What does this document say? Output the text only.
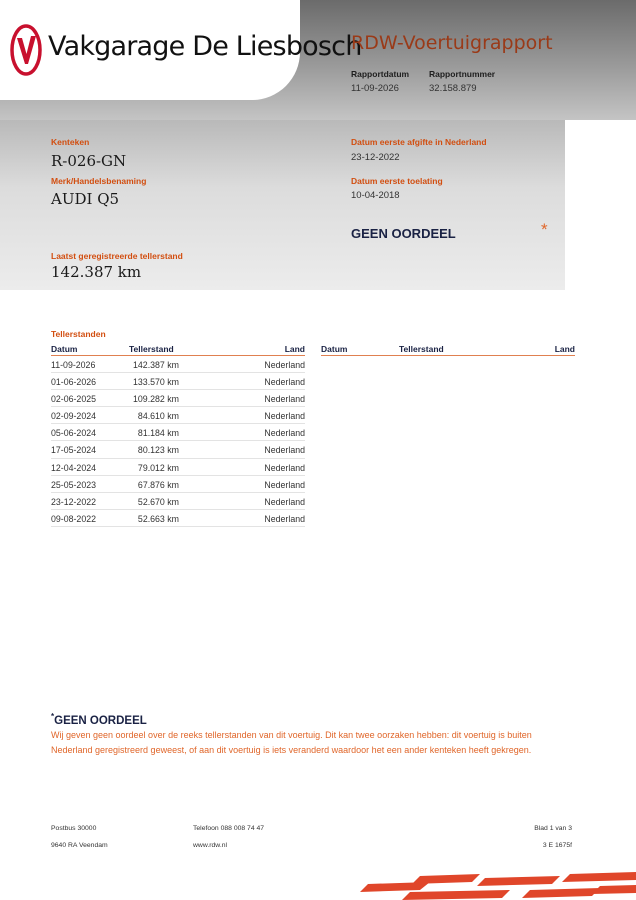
Vakgarage De Liesbosch
RDW-Voertuigrapport
Rapportdatum
11-09-2026
Rapportnummer
32.158.879
Kenteken
R-026-GN
Merk/Handelsbenaming
AUDI Q5
Datum eerste afgifte in Nederland
23-12-2022
Datum eerste toelating
10-04-2018
GEEN OORDEEL	*
Laatst geregistreerde tellerstand
142.387 km
Tellerstanden
Datum	Tellerstand	Land
11-09-2026	142.387 km	Nederland
01-06-2026	133.570 km	Nederland
02-06-2025	109.282 km	Nederland
02-09-2024	84.610 km	Nederland
05-06-2024	81.184 km	Nederland
17-05-2024	80.123 km	Nederland
12-04-2024	79.012 km	Nederland
25-05-2023	67.876 km	Nederland
23-12-2022	52.670 km	Nederland
09-08-2022	52.663 km	Nederland
Datum	Tellerstand	Land
*GEEN OORDEEL
Wij geven geen oordeel over de reeks tellerstanden van dit voertuig. Dit kan twee oorzaken hebben: dit voertuig is buiten Nederland geregistreerd geweest, of aan dit voertuig is iets veranderd waardoor het een ander kenteken heeft gekregen.
Postbus 30000
9640 RA Veendam
Telefoon 088 008 74 47
www.rdw.nl
Blad 1 van 3
3 E 1675f
